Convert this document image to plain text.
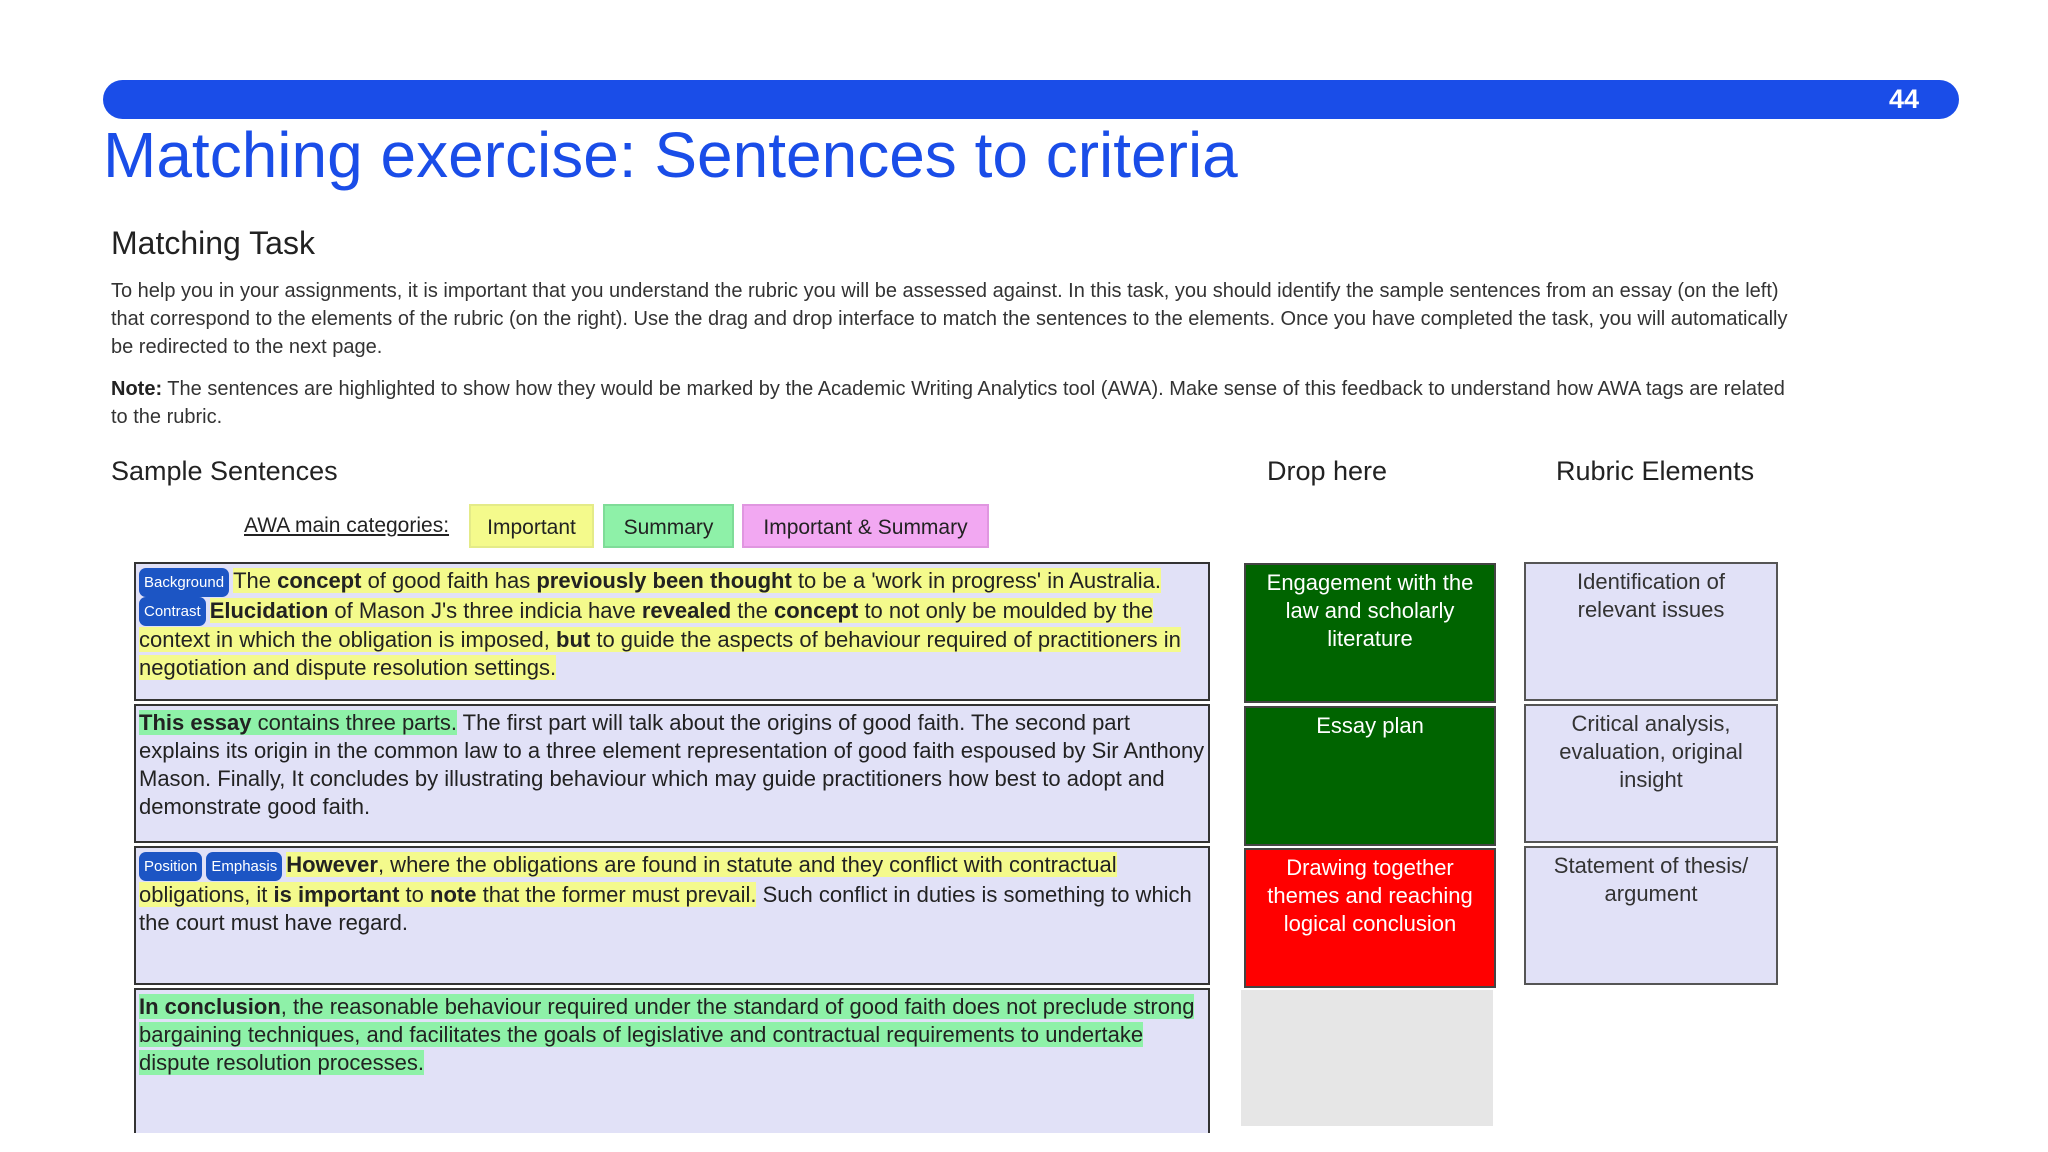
44
Matching exercise: Sentences to criteria
Matching Task

To help you in your assignments, it is important that you understand the rubric you will be assessed against. In this task, you should identify the sample sentences from an essay (on the left) that correspond to the elements of the rubric (on the right). Use the drag and drop interface to match the sentences to the elements. Once you have completed the task, you will automatically be redirected to the next page.

Note: The sentences are highlighted to show how they would be marked by the Academic Writing Analytics tool (AWA). Make sense of this feedback to understand how AWA tags are related to the rubric.

Sample Sentences	Drop here	Rubric Elements
AWA main categories:	Important	Summary	Important & Summary
Background The concept of good faith has previously been thought to be a 'work in progress' in Australia. Contrast Elucidation of Mason J's three indicia have revealed the concept to not only be moulded by the context in which the obligation is imposed, but to guide the aspects of behaviour required of practitioners in negotiation and dispute resolution settings.
This essay contains three parts. The first part will talk about the origins of good faith. The second part explains its origin in the common law to a three element representation of good faith espoused by Sir Anthony Mason. Finally, It concludes by illustrating behaviour which may guide practitioners how best to adopt and demonstrate good faith.
Position Emphasis However, where the obligations are found in statute and they conflict with contractual obligations, it is important to note that the former must prevail. Such conflict in duties is something to which the court must have regard.
In conclusion, the reasonable behaviour required under the standard of good faith does not preclude strong bargaining techniques, and facilitates the goals of legislative and contractual requirements to undertake dispute resolution processes.
Engagement with the law and scholarly literature
Essay plan
Drawing together themes and reaching logical conclusion
Identification of relevant issues
Critical analysis, evaluation, original insight
Statement of thesis/ argument
